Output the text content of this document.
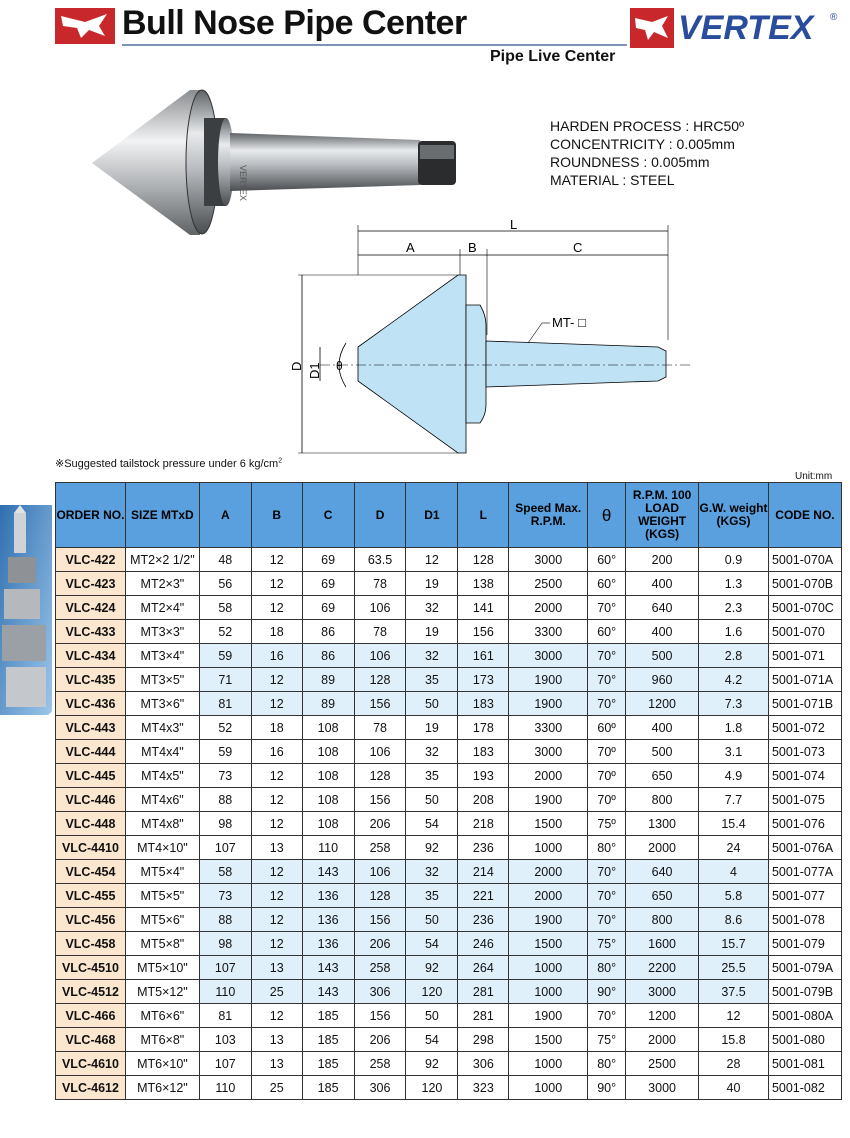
Bull Nose Pipe Center	VERTEX ®
Pipe Live Center
VERTEX
HARDEN PROCESS : HRC50º
CONCENTRICITY : 0.005mm
ROUNDNESS : 0.005mm
MATERIAL : STEEL
L
A	B	C
D D1 θ
MT- □
※Suggested tailstock pressure under 6 $kg/cm^2$
Unit:mm
ORDER NO.	SIZE MTxD	A	B	C	D	D1	L	Speed Max. R.P.M.	θ	R.P.M. 100 LOAD WEIGHT (KGS)	G.W. weight (KGS)	CODE NO.
VLC-422	MT2×2 1/2"	48	12	69	63.5	12	128	3000	60°	200	0.9	5001-070A
VLC-423	MT2×3"	56	12	69	78	19	138	2500	60°	400	1.3	5001-070B
VLC-424	MT2×4"	58	12	69	106	32	141	2000	70°	640	2.3	5001-070C
VLC-433	MT3×3"	52	18	86	78	19	156	3300	60°	400	1.6	5001-070
VLC-434	MT3×4"	59	16	86	106	32	161	3000	70°	500	2.8	5001-071
VLC-435	MT3×5"	71	12	89	128	35	173	1900	70°	960	4.2	5001-071A
VLC-436	MT3×6"	81	12	89	156	50	183	1900	70°	1200	7.3	5001-071B
VLC-443	MT4x3"	52	18	108	78	19	178	3300	60º	400	1.8	5001-072
VLC-444	MT4x4"	59	16	108	106	32	183	3000	70º	500	3.1	5001-073
VLC-445	MT4x5"	73	12	108	128	35	193	2000	70º	650	4.9	5001-074
VLC-446	MT4x6"	88	12	108	156	50	208	1900	70º	800	7.7	5001-075
VLC-448	MT4x8"	98	12	108	206	54	218	1500	75º	1300	15.4	5001-076
VLC-4410	MT4×10"	107	13	110	258	92	236	1000	80°	2000	24	5001-076A
VLC-454	MT5×4"	58	12	143	106	32	214	2000	70°	640	4	5001-077A
VLC-455	MT5×5"	73	12	136	128	35	221	2000	70°	650	5.8	5001-077
VLC-456	MT5×6"	88	12	136	156	50	236	1900	70°	800	8.6	5001-078
VLC-458	MT5×8"	98	12	136	206	54	246	1500	75°	1600	15.7	5001-079
VLC-4510	MT5×10"	107	13	143	258	92	264	1000	80°	2200	25.5	5001-079A
VLC-4512	MT5×12"	110	25	143	306	120	281	1000	90°	3000	37.5	5001-079B
VLC-466	MT6×6"	81	12	185	156	50	281	1900	70°	1200	12	5001-080A
VLC-468	MT6×8"	103	13	185	206	54	298	1500	75°	2000	15.8	5001-080
VLC-4610	MT6×10"	107	13	185	258	92	306	1000	80°	2500	28	5001-081
VLC-4612	MT6×12"	110	25	185	306	120	323	1000	90°	3000	40	5001-082
